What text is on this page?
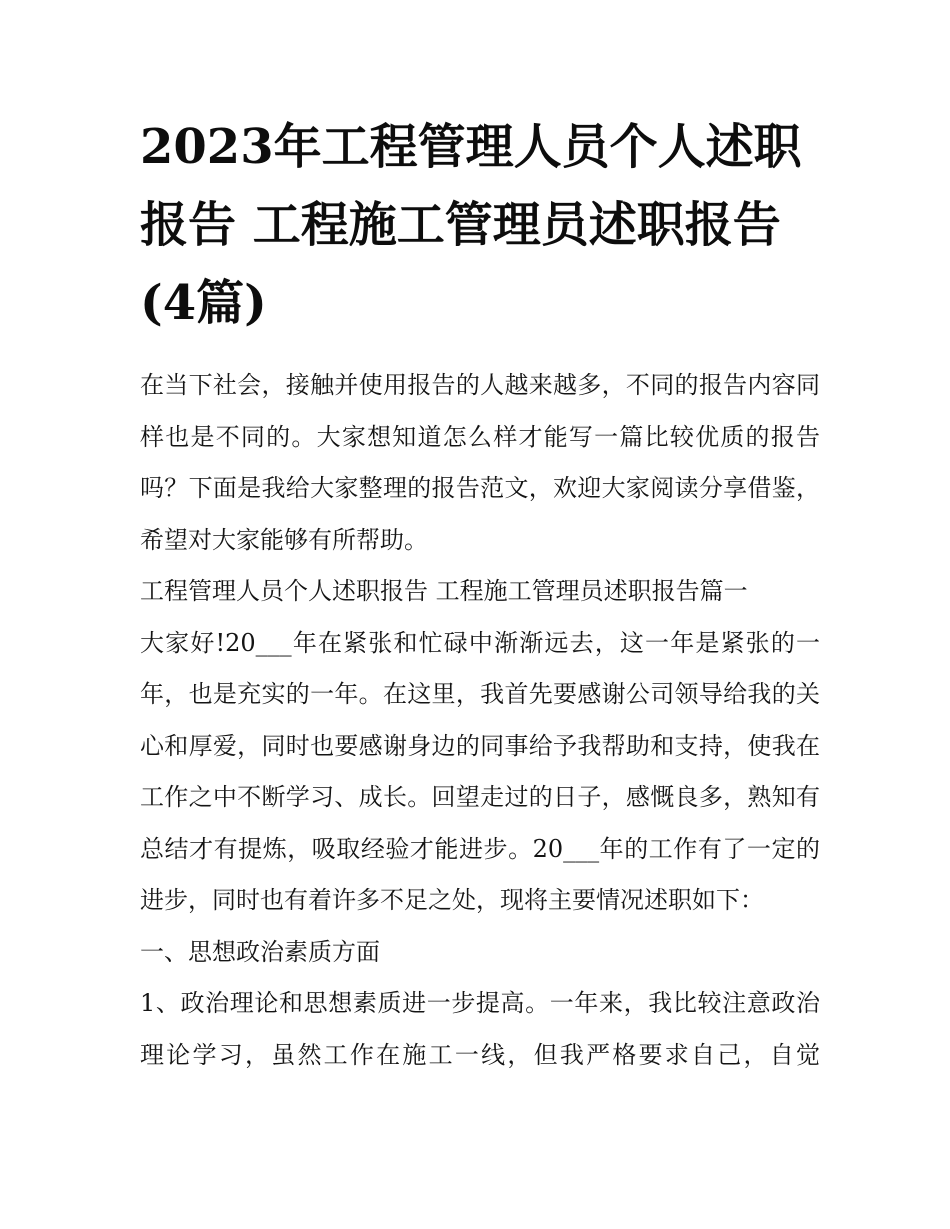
2023年工程管理人员个人述职报告 工程施工管理员述职报告(4篇)

在当下社会，接触并使用报告的人越来越多，不同的报告内容同样也是不同的。大家想知道怎么样才能写一篇比较优质的报告吗？下面是我给大家整理的报告范文，欢迎大家阅读分享借鉴，希望对大家能够有所帮助。

工程管理人员个人述职报告 工程施工管理员述职报告篇一

大家好!20___年在紧张和忙碌中渐渐远去，这一年是紧张的一年，也是充实的一年。在这里，我首先要感谢公司领导给我的关心和厚爱，同时也要感谢身边的同事给予我帮助和支持，使我在工作之中不断学习、成长。回望走过的日子，感慨良多，熟知有总结才有提炼，吸取经验才能进步。20___年的工作有了一定的进步，同时也有着许多不足之处，现将主要情况述职如下：

一、思想政治素质方面

1、政治理论和思想素质进一步提高。一年来，我比较注意政治理论学习，虽然工作在施工一线，但我严格要求自己，自觉
